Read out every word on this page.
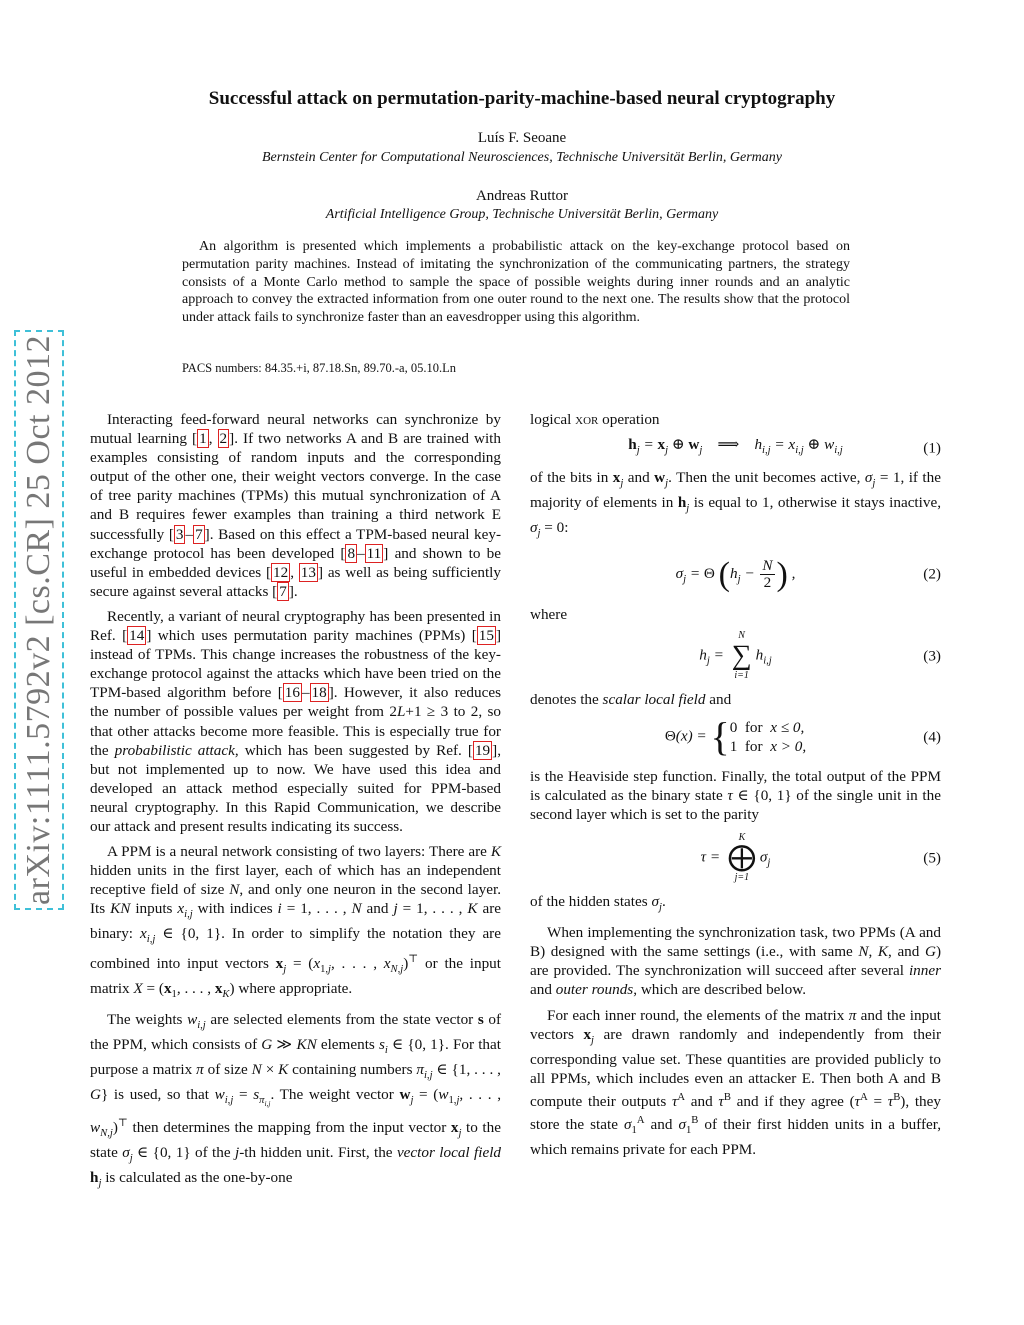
arXiv:1111.5792v2 [cs.CR] 25 Oct 2012
Successful attack on permutation-parity-machine-based neural cryptography
Luís F. Seoane
Bernstein Center for Computational Neurosciences, Technische Universität Berlin, Germany
Andreas Ruttor
Artificial Intelligence Group, Technische Universität Berlin, Germany
An algorithm is presented which implements a probabilistic attack on the key-exchange protocol based on permutation parity machines. Instead of imitating the synchronization of the communicating partners, the strategy consists of a Monte Carlo method to sample the space of possible weights during inner rounds and an analytic approach to convey the extracted information from one outer round to the next one. The results show that the protocol under attack fails to synchronize faster than an eavesdropper using this algorithm.
PACS numbers: 84.35.+i, 87.18.Sn, 89.70.-a, 05.10.Ln

Interacting feed-forward neural networks can synchronize by mutual learning [ 1 , 2 ]. If two networks A and B are trained with examples consisting of random inputs and the corresponding output of the other one, their weight vectors converge. In the case of tree parity machines (TPMs) this mutual synchronization of A and B requires fewer examples than training a third network E successfully [ 3 – 7 ]. Based on this effect a TPM-based neural key-exchange protocol has been developed [ 8 – 11 ] and shown to be useful in embedded devices [ 12 , 13 ] as well as being sufficiently secure against several attacks [ 7 ].

Recently, a variant of neural cryptography has been presented in Ref. [ 14 ] which uses permutation parity machines (PPMs) [ 15 ] instead of TPMs. This change increases the robustness of the key-exchange protocol against the attacks which have been tried on the TPM-based algorithm before [ 16 – 18 ]. However, it also reduces the number of possible values per weight from 2L+1 ≥ 3 to 2, so that other attacks become more feasible. This is especially true for the probabilistic attack, which has been suggested by Ref. [ 19 ], but not implemented up to now. We have used this idea and developed an attack method especially suited for PPM-based neural cryptography. In this Rapid Communication, we describe our attack and present results indicating its success.

A PPM is a neural network consisting of two layers: There are K hidden units in the first layer, each of which has an independent receptive field of size N, and only one neuron in the second layer. Its KN inputs $x_{i,j}$ with indices i = 1, . . . , N and j = 1, . . . , K are binary: $x_{i,j}$ ∈ {0, 1}. In order to simplify the notation they are combined into input vectors $x_j = (x_{1,j}$, . . . , $x_{N,j})^⊤$ or the input matrix $X = (x_1$, . . . , $x_K$) where appropriate.

The weights $w_{i,j}$ are selected elements from the state vector s of the PPM, which consists of G ≫ KN elements $s_i$ ∈ {0, 1}. For that purpose a matrix π of size N × K containing numbers $\pi_{i,j}$ ∈ {1, . . . , G} is used, so that $w_{i,j} = s_{\pi_{i,j}}$. The weight vector $w_j = (w_{1,j}$, . . . , $w_{N,j})^⊤$ then determines the mapping from the input vector $x_j$ to the state $\sigma_j$ ∈ {0, 1} of the j-th hidden unit. First, the vector local field $h_j$ is calculated as the one-by-one

logical xor operation

$h_j = x_j$ ⊕ $w_j$ ⟹    $h_{i,j} = x_{i,j}$ ⊕ $w_{i,j}$	(1)

of the bits in $x_j$ and $w_j$. Then the unit becomes active, $\sigma_j = 1$, if the majority of elements in $h_j$ is equal to 1, otherwise it stays inactive, $\sigma_j = 0$:

$\sigma_j = \Theta$ ($h_j - \frac{N}{2}$ ) ,	(2)

where

$h_j$ =
N
∑
i=1
$h_{i,j}$	(3)

denotes the scalar local field and

Θ(x) = {0 for  x ≤ 0,
1 for  x > 0,
(4)

is the Heaviside step function. Finally, the total output of the PPM is calculated as the binary state τ ∈ {0, 1} of the single unit in the second layer which is set to the parity

τ =
K
⨁
j=1
$\sigma_j$	(5)

of the hidden states $\sigma_j$.

When implementing the synchronization task, two PPMs (A and B) designed with the same settings (i.e., with same N, K, and G) are provided. The synchronization will succeed after several inner and outer rounds, which are described below.

For each inner round, the elements of the matrix π and the input vectors $x_j$ are drawn randomly and independently from their corresponding value set. These quantities are provided publicly to all PPMs, which includes even an attacker E. Then both A and B compute their outputs $\tau^A$ and $\tau^B$ and if they agree $(\tau^A = \tau^B)$, they store the state $\sigma_1^A$ and $\sigma_1^B$ of their first hidden units in a buffer, which remains private for each PPM.
